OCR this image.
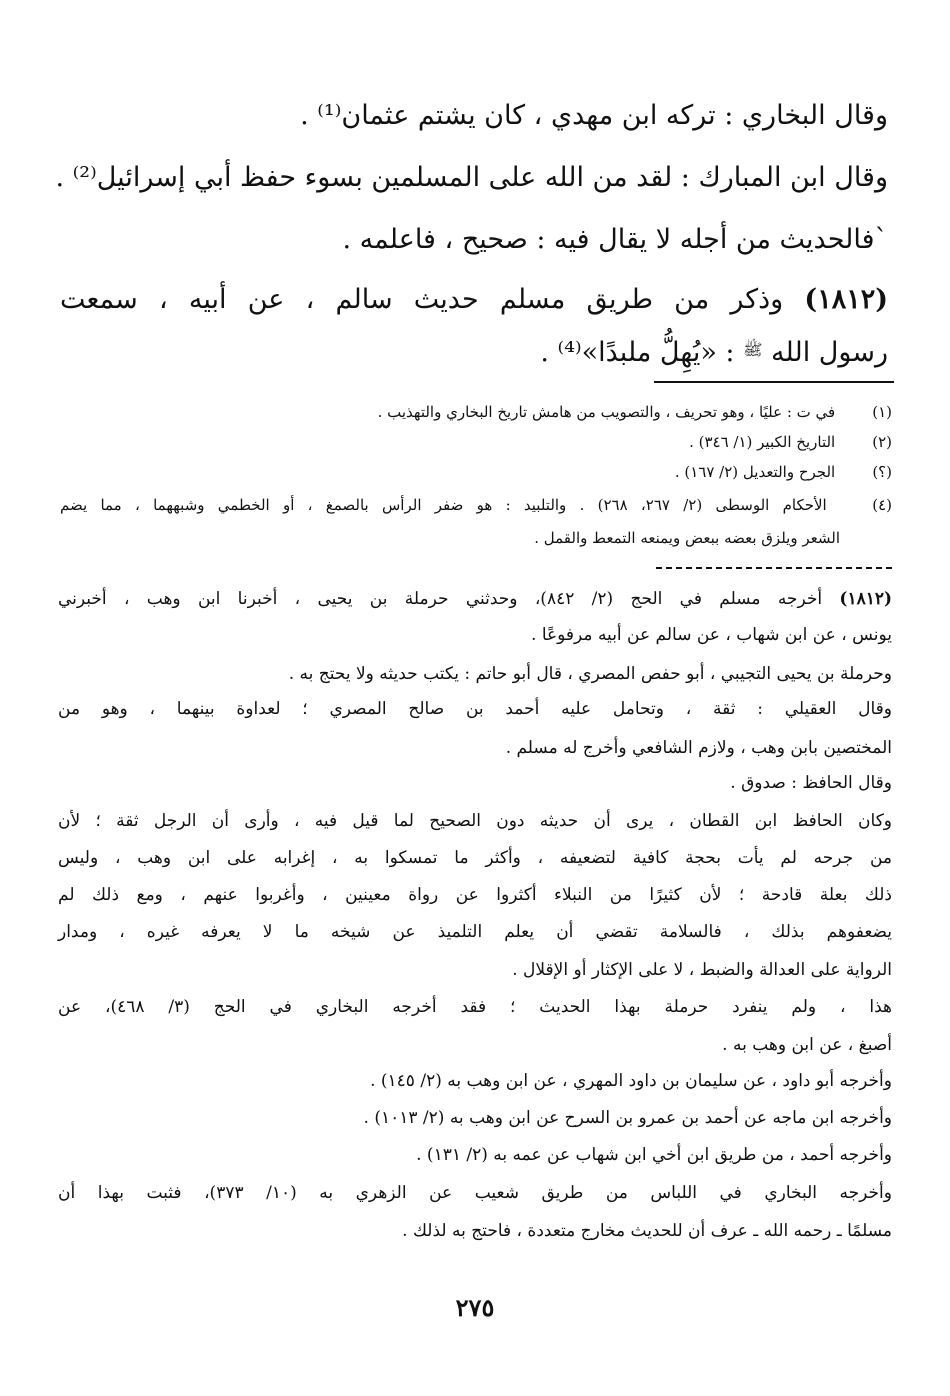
وقال البخاري : تركه ابن مهدي ، كان يشتم عثمان⁽¹⁾ .
وقال ابن المبارك : لقد من الله على المسلمين بسوء حفظ أبي إسرائيل⁽²⁾ .
`فالحديث من أجله لا يقال فيه : صحيح ، فاعلمه .
(١٨١٢) وذكر من طريق مسلم حديث سالم ، عن أبيه ، سمعت
رسول الله $^ﷺ$ : «يُهِلُّ ملبدًا»⁽⁴⁾ .
(١) في ت : عليًا ، وهو تحريف ، والتصويب من هامش تاريخ البخاري والتهذيب .
(٢) التاريخ الكبير (١/ ٣٤٦) .
(؟) الجرح والتعديل (٢/ ١٦٧) .
(٤) الأحكام الوسطى (٢/ ٢٦٧، ٢٦٨) . والتلبيد : هو ضفر الرأس بالصمغ ، أو الخطمي وشبههما ، مما يضم
الشعر ويلزق بعضه ببعض ويمنعه التمعط والقمل .
(١٨١٢) أخرجه مسلم في الحج (٢/ ٨٤٢)، وحدثني حرملة بن يحيى ، أخبرنا ابن وهب ، أخبرني
يونس ، عن ابن شهاب ، عن سالم عن أبيه مرفوعًا .
وحرملة بن يحيى التجيبي ، أبو حفص المصري ، قال أبو حاتم : يكتب حديثه ولا يحتج به .
وقال العقيلي : ثقة ، وتحامل عليه أحمد بن صالح المصري ؛ لعداوة بينهما ، وهو من
المختصين بابن وهب ، ولازم الشافعي وأخرج له مسلم .
وقال الحافظ : صدوق .
وكان الحافظ ابن القطان ، يرى أن حديثه دون الصحيح لما قيل فيه ، وأرى أن الرجل ثقة ؛ لأن
من جرحه لم يأت بحجة كافية لتضعيفه ، وأكثر ما تمسكوا به ، إغرابه على ابن وهب ، وليس
ذلك بعلة قادحة ؛ لأن كثيرًا من النبلاء أكثروا عن رواة معينين ، وأغربوا عنهم ، ومع ذلك لم
يضعفوهم بذلك ، فالسلامة تقضي أن يعلم التلميذ عن شيخه ما لا يعرفه غيره ، ومدار
الرواية على العدالة والضبط ، لا على الإكثار أو الإقلال .
هذا ، ولم ينفرد حرملة بهذا الحديث ؛ فقد أخرجه البخاري في الحج (٣/ ٤٦٨)، عن
أصبغ ، عن ابن وهب به .
وأخرجه أبو داود ، عن سليمان بن داود المهري ، عن ابن وهب به (٢/ ١٤٥) .
وأخرجه ابن ماجه عن أحمد بن عمرو بن السرح عن ابن وهب به (٢/ ١٠١٣) .
وأخرجه أحمد ، من طريق ابن أخي ابن شهاب عن عمه به (٢/ ١٣١) .
وأخرجه البخاري في اللباس من طريق شعيب عن الزهري به (١٠/ ٣٧٣)، فثبت بهذا أن
مسلمًا ـ رحمه الله ـ عرف أن للحديث مخارج متعددة ، فاحتج به لذلك .
٢٧٥
